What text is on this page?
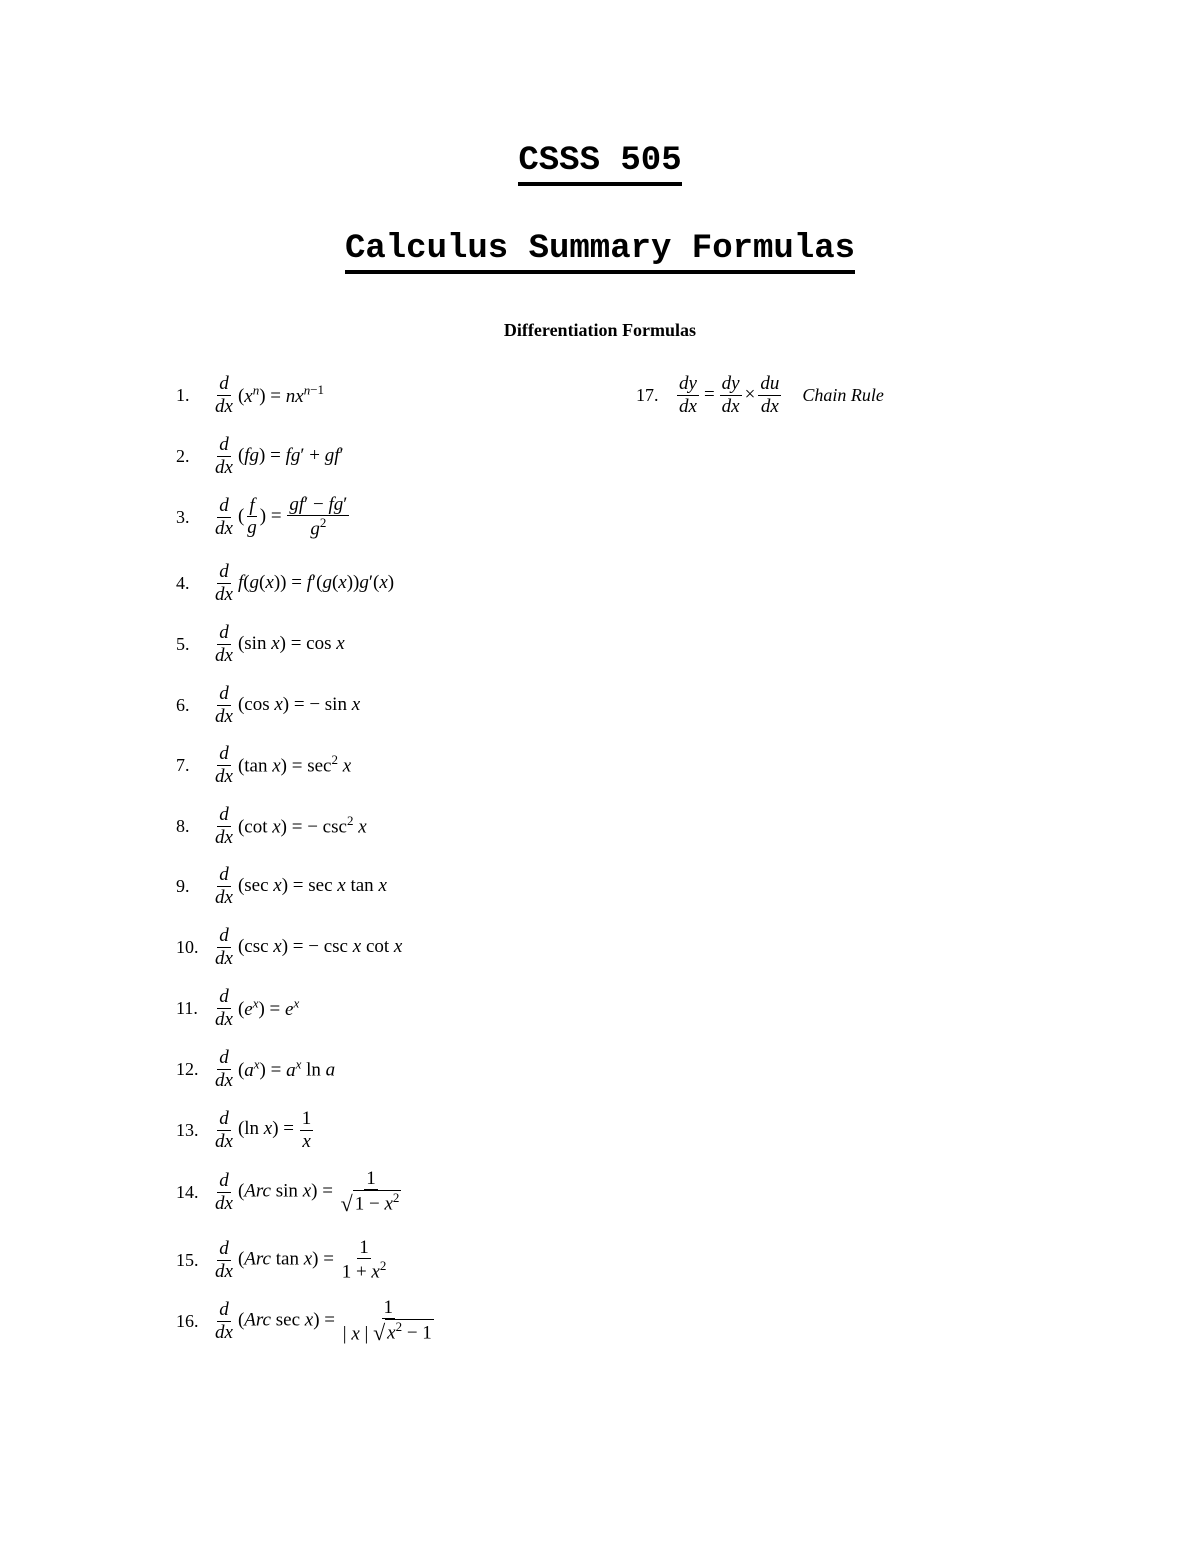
CSSS 505
Calculus Summary Formulas
Differentiation Formulas
1.	$\frac{d}{dx} (x^n) = nx^{n-1}$
2.	$\frac{d}{dx} (fg) = fg' + gf'$
3.	$\frac{d}{dx}$ ( $\frac{f}{g}$ ) = $\frac{gf' - fg'}{g^2}$
4.	$\frac{d}{dx} f(g(x)) = f'(g(x))g'(x)$
5.	$\frac{d}{dx} (\sin$ x) = cos x
6.	$\frac{d}{dx} (\cos$ x) = − sin x
7.	$\frac{d}{dx} (\tan$ $x) = \sec^2 x$
8.	$\frac{d}{dx} (\cot$ x) = − $\csc^2 x$
9.	$\frac{d}{dx} (\sec$ x) = sec x tan x
10. $\frac{d}{dx} (\csc$ x) = − csc x cot x
11. $\frac{d}{dx} (e^x) = e^x$
12. $\frac{d}{dx} (a^x) = a^x$ ln a
13. $\frac{d}{dx} (\ln$ $x) = \frac{1}{x}$
14. $\frac{d}{dx} (Arc$ $\sin x) = \frac{1}{√ 1 - x^2}$
15. $\frac{d}{dx} (Arc$ $\tan x) = \frac{1}{1 + x^2}$
16. $\frac{d}{dx} (Arc$ $\sec x) = \frac{1}{| x | √ x^2 - 1}$
17. $\frac{dy}{dx} = \frac{dy}{dx} \times \frac{du}{dx}$ Chain Rule
